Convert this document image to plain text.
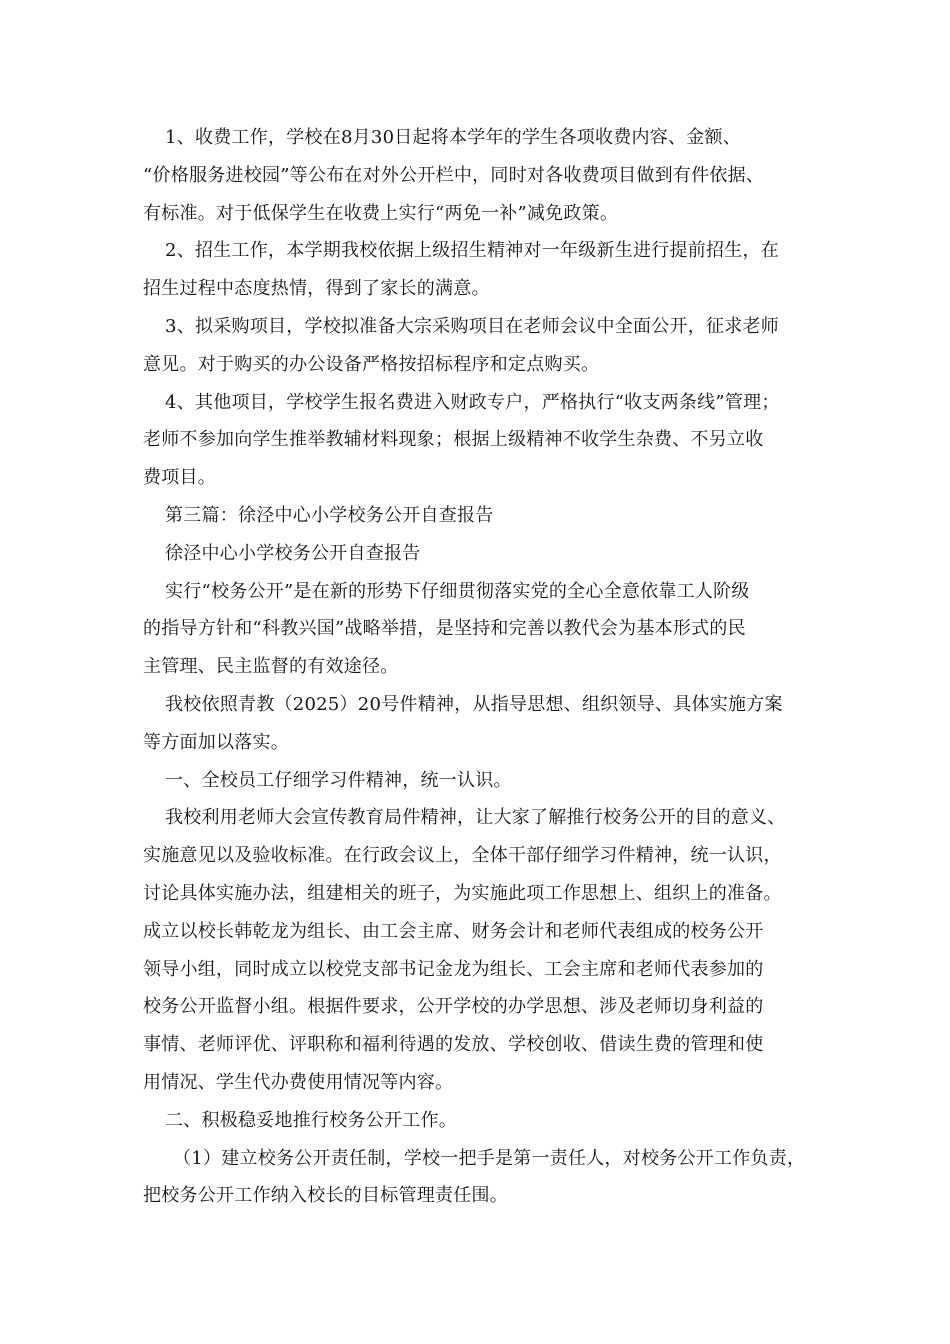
1、收费工作，学校在8月30日起将本学年的学生各项收费内容、金额、
“价格服务进校园”等公布在对外公开栏中，同时对各收费项目做到有件依据、
有标准。对于低保学生在收费上实行“两免一补”减免政策。
2、招生工作，本学期我校依据上级招生精神对一年级新生进行提前招生，在
招生过程中态度热情，得到了家长的满意。
3、拟采购项目，学校拟准备大宗采购项目在老师会议中全面公开，征求老师
意见。对于购买的办公设备严格按招标程序和定点购买。
4、其他项目，学校学生报名费进入财政专户，严格执行“收支两条线”管理；
老师不参加向学生推举教辅材料现象；根据上级精神不收学生杂费、不另立收
费项目。
第三篇：徐泾中心小学校务公开自查报告
徐泾中心小学校务公开自查报告
实行“校务公开”是在新的形势下仔细贯彻落实党的全心全意依靠工人阶级
的指导方针和“科教兴国”战略举措，是坚持和完善以教代会为基本形式的民
主管理、民主监督的有效途径。
我校依照青教（2025）20号件精神，从指导思想、组织领导、具体实施方案
等方面加以落实。
一、全校员工仔细学习件精神，统一认识。
我校利用老师大会宣传教育局件精神，让大家了解推行校务公开的目的意义、
实施意见以及验收标准。在行政会议上，全体干部仔细学习件精神，统一认识，
讨论具体实施办法，组建相关的班子，为实施此项工作思想上、组织上的准备。
成立以校长韩乾龙为组长、由工会主席、财务会计和老师代表组成的校务公开
领导小组，同时成立以校党支部书记金龙为组长、工会主席和老师代表参加的
校务公开监督小组。根据件要求，公开学校的办学思想、涉及老师切身利益的
事情、老师评优、评职称和福利待遇的发放、学校创收、借读生费的管理和使
用情况、学生代办费使用情况等内容。
二、积极稳妥地推行校务公开工作。
（1）建立校务公开责任制，学校一把手是第一责任人，对校务公开工作负责，
把校务公开工作纳入校长的目标管理责任围。
